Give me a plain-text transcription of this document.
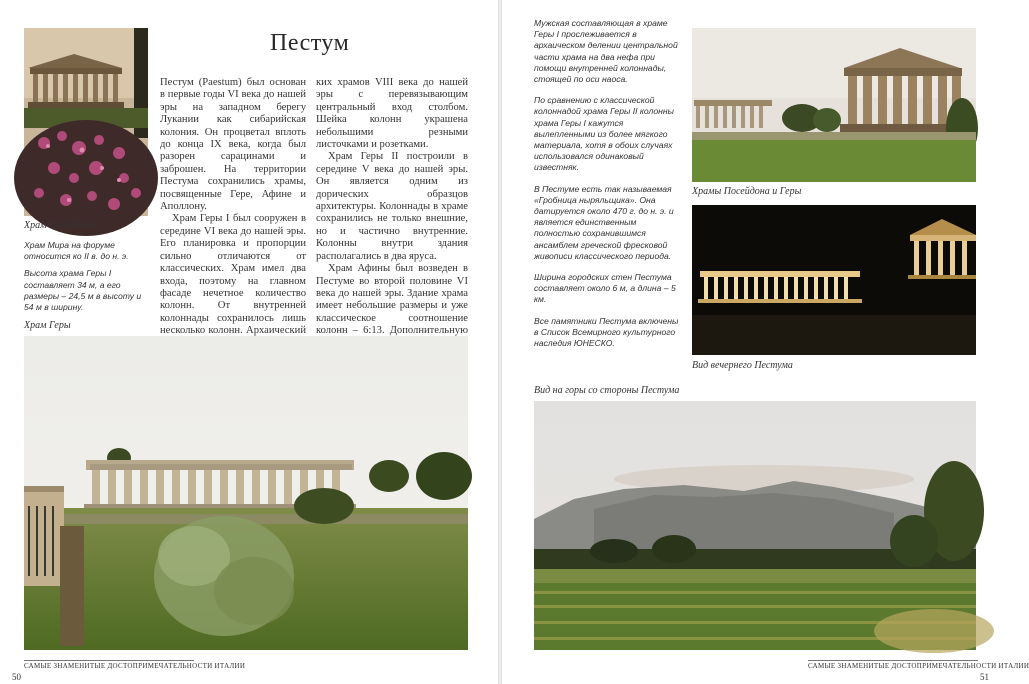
Храм Посейдона

Храм Мира на форуме относится ко II в. до н. э.

Высота храма Геры I составляет 34 м, а его размеры – 24,5 м в высоту и 54 м в ширину.

Пестум

Пестум (Paestum) был основан в первые годы VI века до нашей эры на западном берегу Лукании как сибарийская колония. Он процветал вплоть до конца IX века, когда был разорен сарацинами и заброшен. На территории Пестума сохранились храмы, посвященные Гере, Афине и Аполлону.

Храм Геры I был сооружен в середине VI века до нашей эры. Его планировка и пропорции сильно отличаются от классических. Храм имел два входа, поэтому на главном фасаде нечетное количество колонн. От внутренней колоннады сохранилось лишь несколько колонн. Архаический

ких храмов VIII века до нашей эры с перевязывающим центральный вход столбом. Шейка колонн украшена небольшими резными листочками и розетками.

Храм Геры II построили в середине V века до нашей эры. Он является одним из дорических образцов архитектуры. Колоннады в храме сохранились не только внешние, но и частично внутренние. Колонны внутри здания располагались в два яруса.

Храм Афины был возведен в Пестуме во второй половине VI века до нашей эры. Здание храма имеет небольшие размеры и уже классическое соотношение колонн – 6:13. Дополнительную

Храм Геры
САМЫЕ ЗНАМЕНИТЫЕ ДОСТОПРИМЕЧАТЕЛЬНОСТИ ИТАЛИИ
50

Мужская составляющая в храме Геры I прослеживается в архаическом делении центральной части храма на два нефа при помощи внутренней колоннады, стоящей по оси наоса.

По сравнению с классической колоннадой храма Геры II колонны храма Геры I кажутся вылепленными из более мягкого материала, хотя в обоих случаях использовался одинаковый известняк.

В Пестуме есть так называемая «Гробница ныряльщика». Она датируется около 470 г. до н. э. и является единственным полностью сохранившимся ансамблем греческой фресковой живописи классического периода.

Ширина городских стен Пестума составляет около 6 м, а длина – 5 км.

Все памятники Пестума включены в Список Всемирного культурного наследия ЮНЕСКО.

Храмы Посейдона и Геры
Вид вечернего Пестума
Вид на горы со стороны Пестума
САМЫЕ ЗНАМЕНИТЫЕ ДОСТОПРИМЕЧАТЕЛЬНОСТИ ИТАЛИИ
51
